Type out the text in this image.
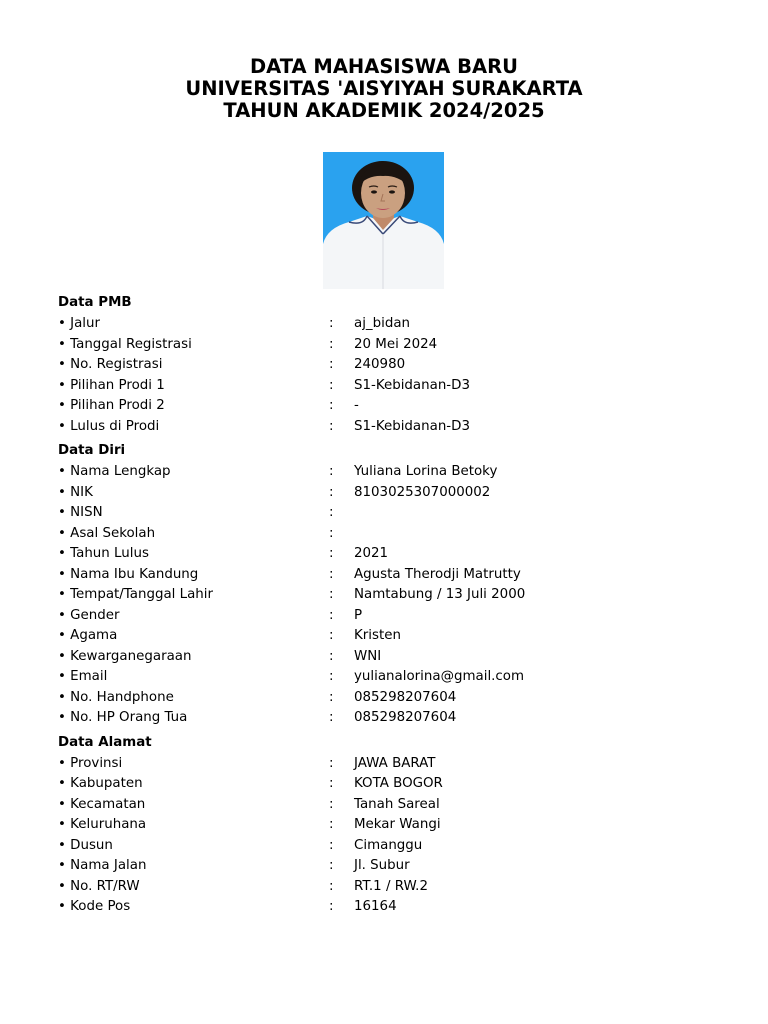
DATA MAHASISWA BARU
UNIVERSITAS 'AISYIYAH SURAKARTA
TAHUN AKADEMIK 2024/2025
Data PMB
• Jalur	: aj_bidan
• Tanggal Registrasi	: 20 Mei 2024
• No. Registrasi	: 240980
• Pilihan Prodi 1	: S1-Kebidanan-D3
• Pilihan Prodi 2	: -
• Lulus di Prodi	: S1-Kebidanan-D3
Data Diri
• Nama Lengkap	: Yuliana Lorina Betoky
• NIK	: 8103025307000002
• NISN	:
• Asal Sekolah	:
• Tahun Lulus	: 2021
• Nama Ibu Kandung	: Agusta Therodji Matrutty
• Tempat/Tanggal Lahir	: Namtabung / 13 Juli 2000
• Gender	: P
• Agama	: Kristen
• Kewarganegaraan	: WNI
• Email	: yulianalorina@gmail.com
• No. Handphone	: 085298207604
• No. HP Orang Tua	: 085298207604
Data Alamat
• Provinsi	: JAWA BARAT
• Kabupaten	: KOTA BOGOR
• Kecamatan	: Tanah Sareal
• Keluruhana	: Mekar Wangi
• Dusun	: Cimanggu
• Nama Jalan	: Jl. Subur
• No. RT/RW	: RT.1 / RW.2
• Kode Pos	: 16164
